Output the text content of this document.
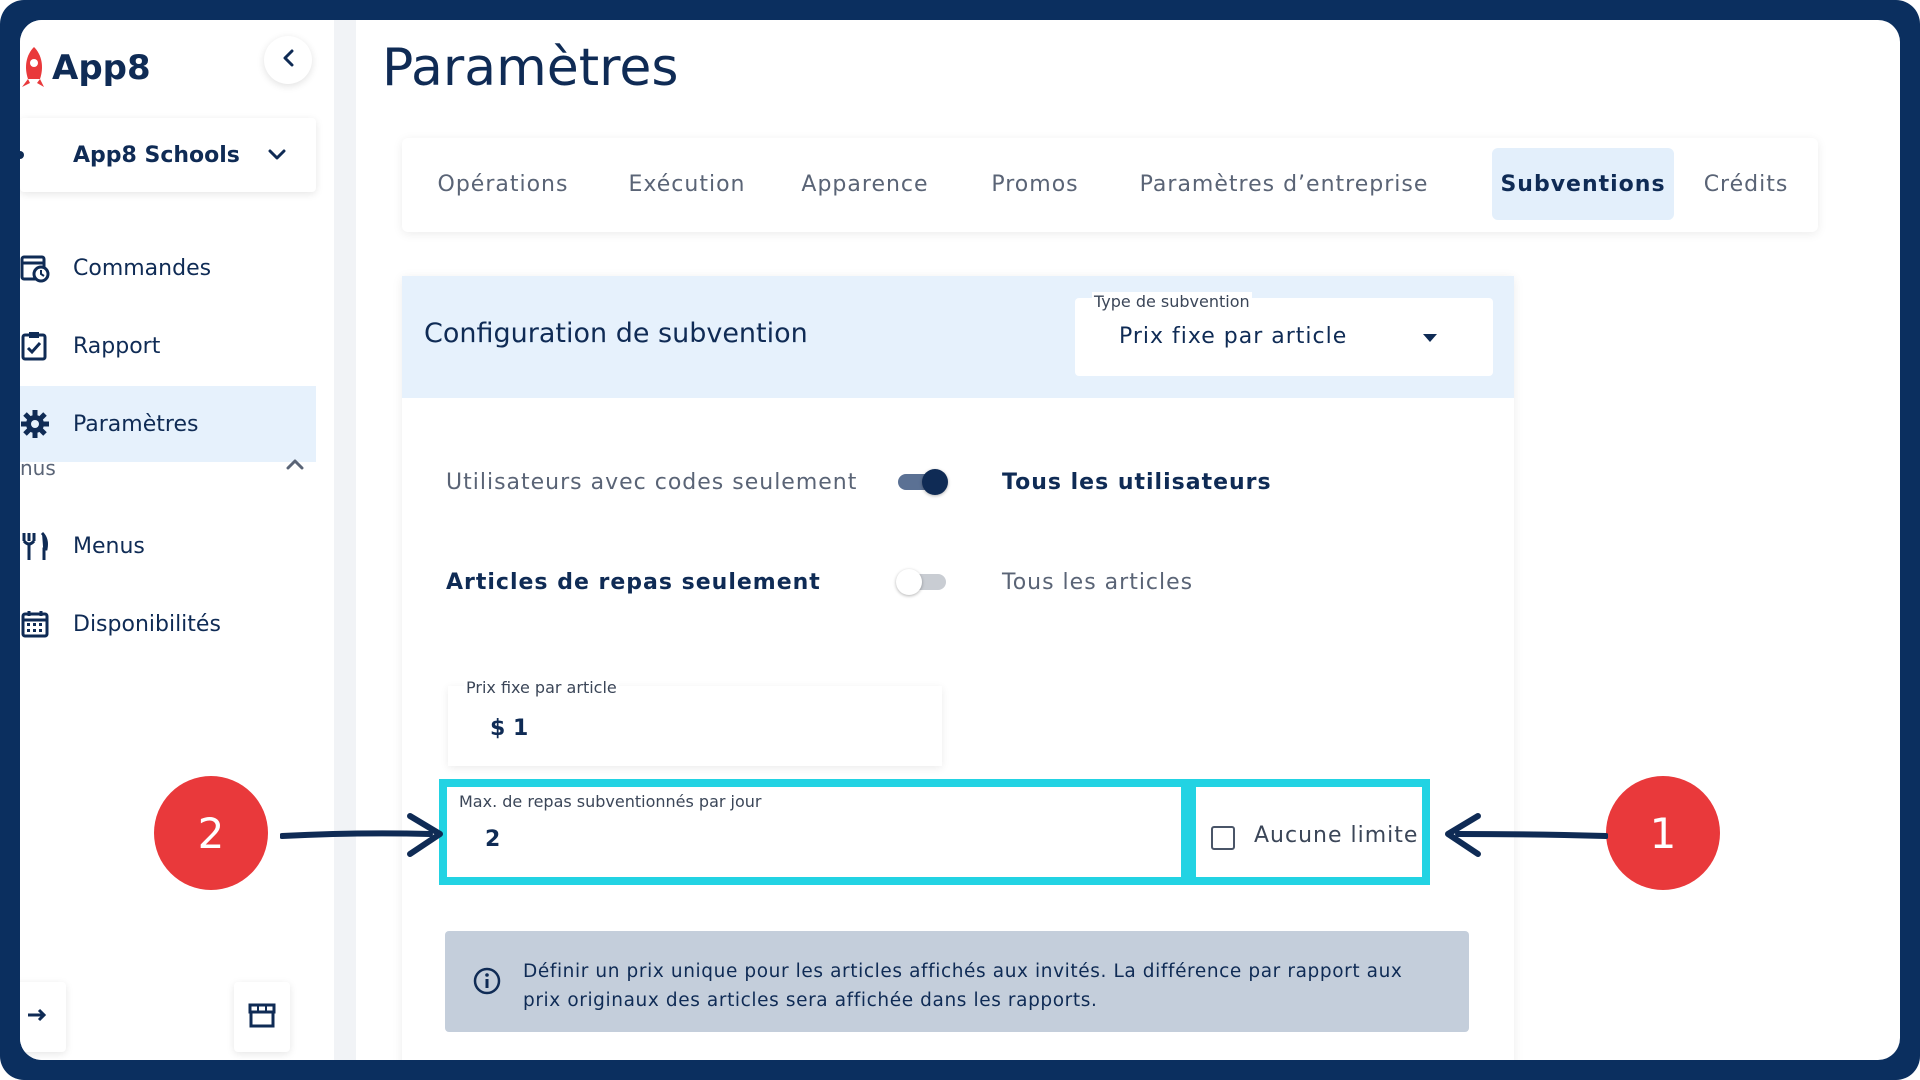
App8
App8 Schools
Commandes
Rapport
Paramètres
nus
Menus
Disponibilités
Paramètres
Opérations	Exécution	Apparence	Promos	Paramètres d’entreprise	Subventions	Crédits
Configuration de subvention
Type de subvention
Prix fixe par article
Utilisateurs avec codes seulement	Tous les utilisateurs
Articles de repas seulement	Tous les articles
Prix fixe par article
$ 1
Max. de repas subventionnés par jour
2	Aucune limite
Définir un prix unique pour les articles affichés aux invités. La différence par rapport aux prix originaux des articles sera affichée dans les rapports.
2	1
